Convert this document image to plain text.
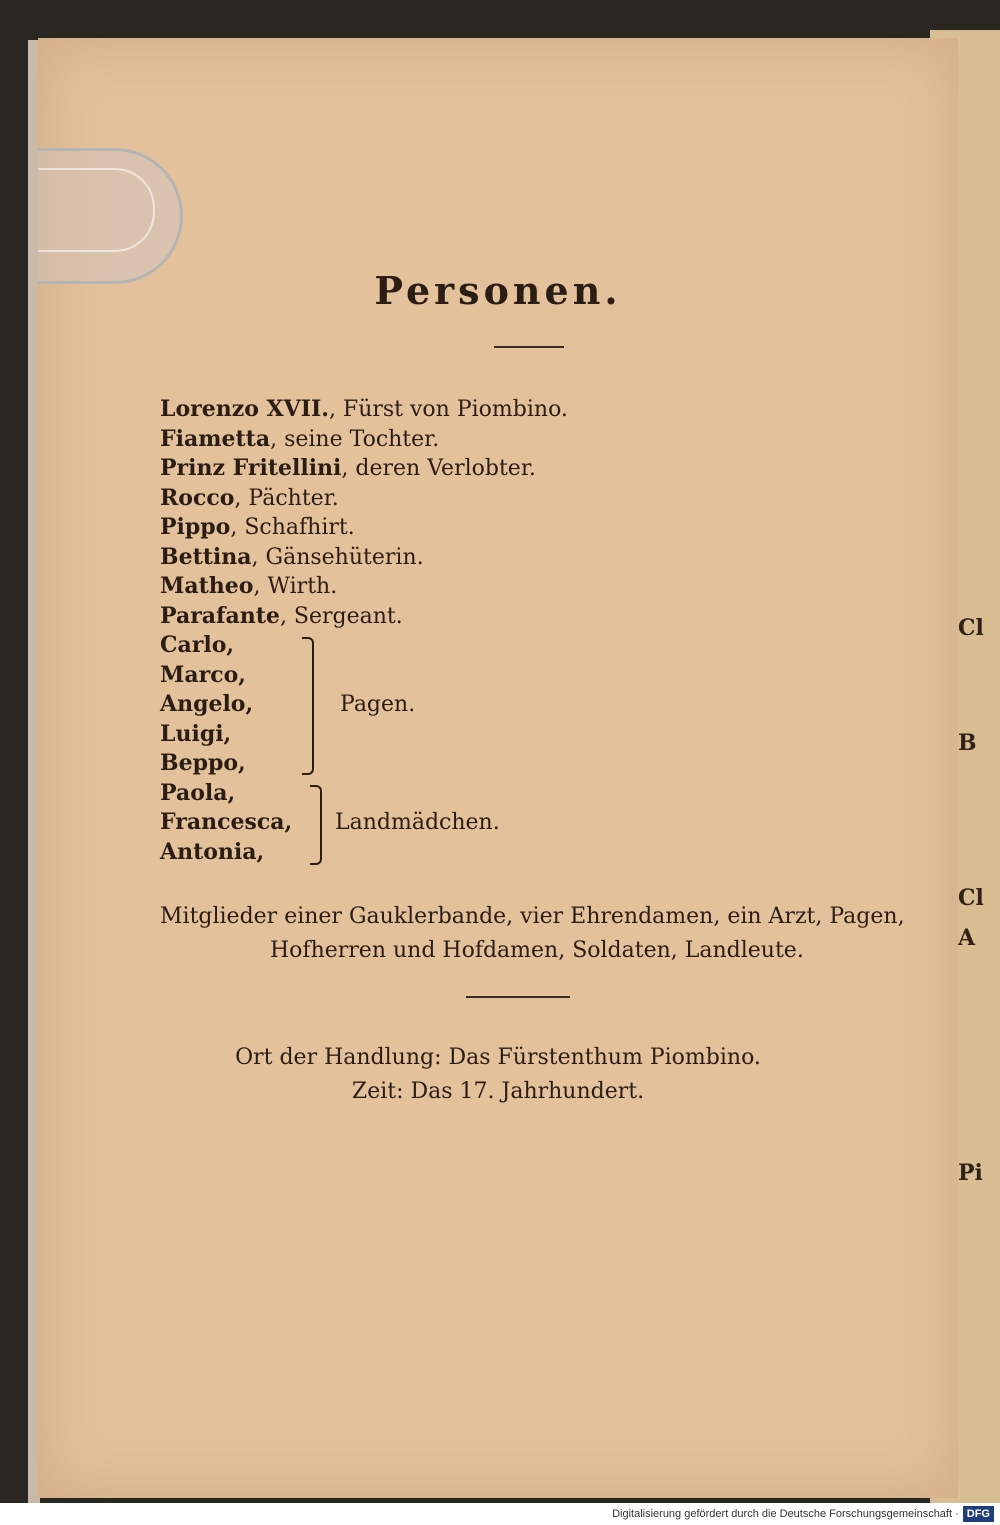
Cl
B
Cl
A
Pi
Personen.
Lorenzo XVII., Fürst von Piombino.
Fiametta, seine Tochter.
Prinz Fritellini, deren Verlobter.
Rocco, Pächter.
Pippo, Schafhirt.
Bettina, Gänsehüterin.
Matheo, Wirth.
Parafante, Sergeant.
Carlo,
Marco,
Angelo,
Luigi,
Beppo,
Pagen.
Paola,
Francesca,
Antonia,
Landmädchen.
Mitglieder einer Gauklerbande, vier Ehrendamen, ein Arzt, Pagen,
Hofherren und Hofdamen, Soldaten, Landleute.
Ort der Handlung: Das Fürstenthum Piombino.
Zeit: Das 17. Jahrhundert.
Digitalisierung gefördert durch die Deutsche Forschungsgemeinschaft · DFG
